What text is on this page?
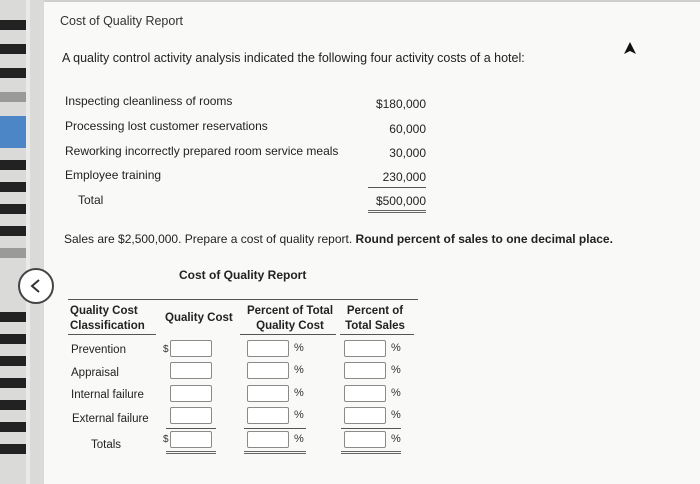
Cost of Quality Report
A quality control activity analysis indicated the following four activity costs of a hotel:
Inspecting cleanliness of rooms
Processing lost customer reservations
Reworking incorrectly prepared room service meals
Employee training
Total
$180,000
60,000
30,000
230,000
$500,000
Sales are $2,500,000. Prepare a cost of quality report. Round percent of sales to one decimal place.
Cost of Quality Report
Quality Cost
Classification
Quality Cost
Percent of Total
Quality Cost
Percent of
Total Sales
Prevention
Appraisal
Internal failure
External failure
Totals
$
$
%
%
%
%
%
%
%
%
%
%
